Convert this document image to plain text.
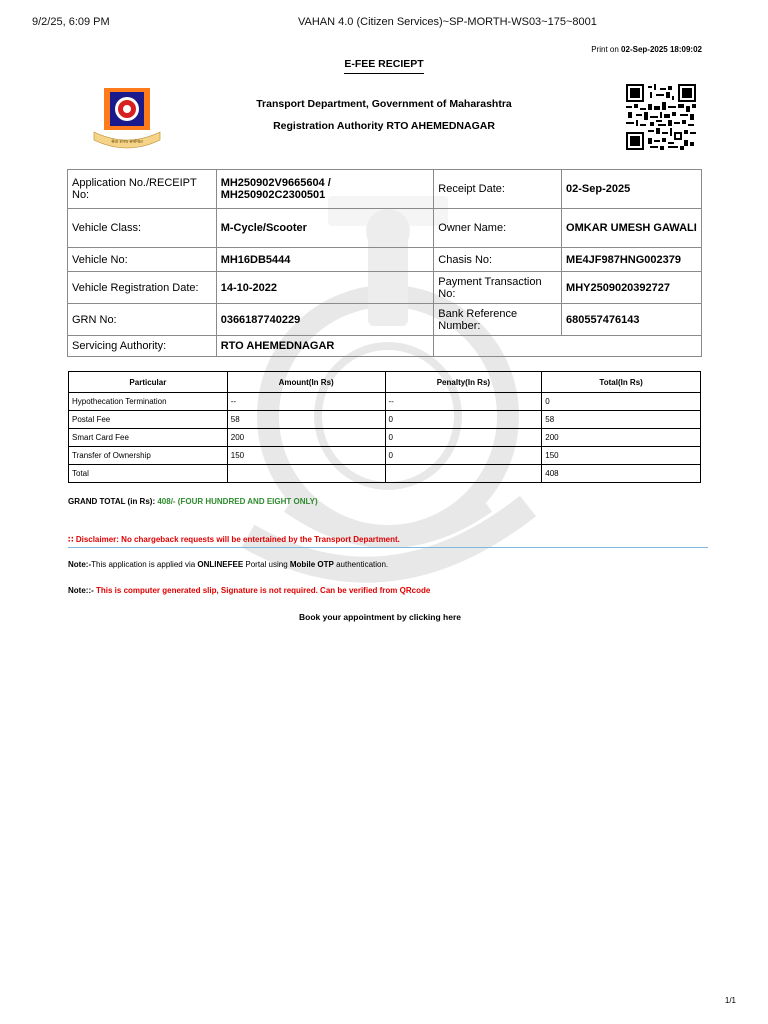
9/2/25, 6:09 PM	VAHAN 4.0 (Citizen Services)~SP-MORTH-WS03~175~8001
Print on 02-Sep-2025 18:09:02
E-FEE RECIEPT
सेवा शपथ समन्वित
Transport Department, Government of Maharashtra
Registration Authority RTO AHEMEDNAGAR
Application No./RECEIPT No:	MH250902V9665604 /
MH250902C2300501	Receipt Date:	02-Sep-2025
Vehicle Class:	M-Cycle/Scooter	Owner Name:	OMKAR UMESH GAWALI
Vehicle No:	MH16DB5444	Chasis No:	ME4JF987HNG002379
Vehicle Registration Date:	14-10-2022	Payment Transaction No:	MHY2509020392727
GRN No:	0366187740229	Bank Reference Number:	680557476143
Servicing Authority:	RTO AHEMEDNAGAR		
Particular	Amount(In Rs)	Penalty(In Rs)	Total(In Rs)
Hypothecation Termination	--	--	0
Postal Fee	58	0	58
Smart Card Fee	200	0	200
Transfer of Ownership	150	0	150
Total			408
GRAND TOTAL (in Rs): 408/- (FOUR HUNDRED AND EIGHT ONLY)
∷ Disclaimer: No chargeback requests will be entertained by the Transport Department.
Note:-This application is applied via ONLINEFEE Portal using Mobile OTP authentication.
Note::- This is computer generated slip, Signature is not required. Can be verified from QRcode
Book your appointment by clicking here
1/1
